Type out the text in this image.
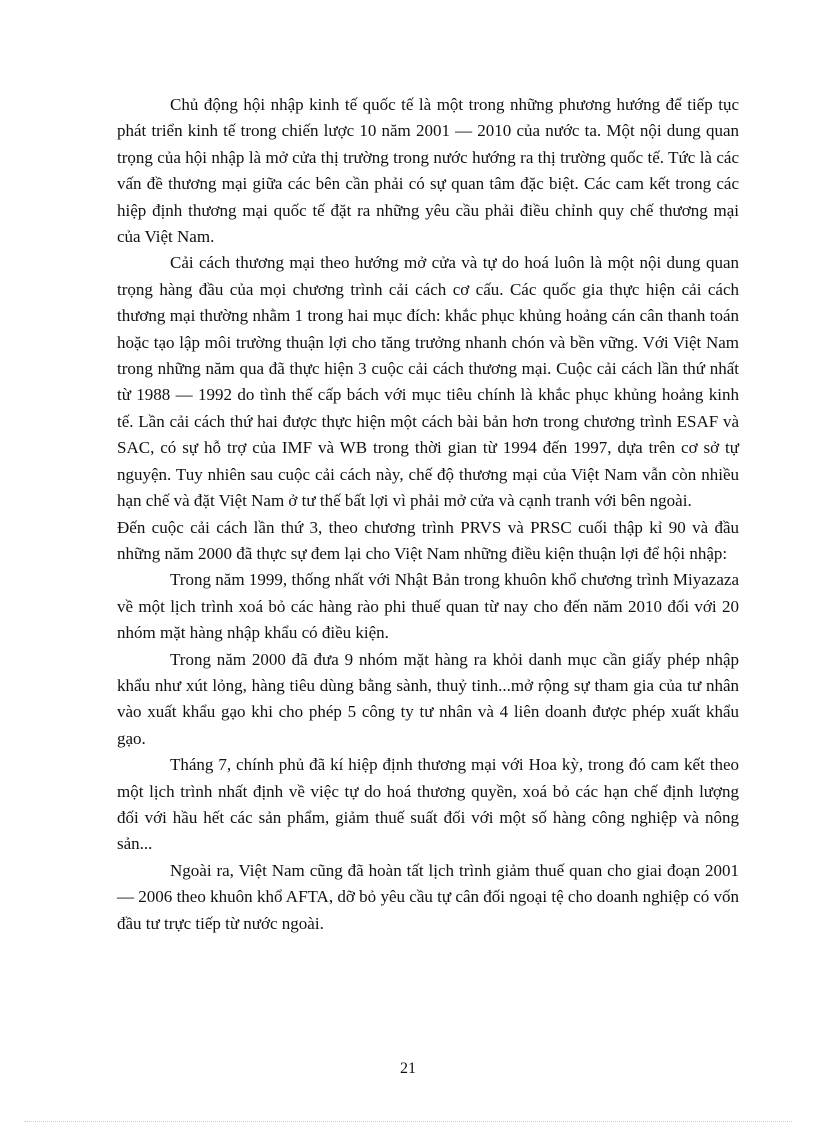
Chủ động hội nhập kinh tế quốc tế là một trong những phương hướng để tiếp tục phát triển kinh tế trong chiến lược 10 năm 2001 — 2010 của nước ta. Một nội dung quan trọng của hội nhập là mở cửa thị trường trong nước hướng ra thị trường quốc tế. Tức là các vấn đề thương mại giữa các bên cần phải có sự quan tâm đặc biệt. Các cam kết trong các hiệp định thương mại quốc tế đặt ra những yêu cầu phải điều chỉnh quy chế thương mại của Việt Nam.

Cải cách thương mại theo hướng mở cửa và tự do hoá luôn là một nội dung quan trọng hàng đầu của mọi chương trình cải cách cơ cấu. Các quốc gia thực hiện cải cách thương mại thường nhằm 1 trong hai mục đích: khắc phục khủng hoảng cán cân thanh toán hoặc tạo lập môi trường thuận lợi cho tăng trưởng nhanh chón và bền vững. Với Việt Nam trong những năm qua đã thực hiện 3 cuộc cải cách thương mại. Cuộc cải cách lần thứ nhất từ 1988 — 1992 do tình thế cấp bách với mục tiêu chính là khắc phục khủng hoảng kinh tế. Lần cải cách thứ hai được thực hiện một cách bài bản hơn trong chương trình ESAF và SAC, có sự hỗ trợ của IMF và WB trong thời gian từ 1994 đến 1997, dựa trên cơ sở tự nguyện. Tuy nhiên sau cuộc cải cách này, chế độ thương mại của Việt Nam vẫn còn nhiều hạn chế và đặt Việt Nam ở tư thế bất lợi vì phải mở cửa và cạnh tranh với bên ngoài.

Đến cuộc cải cách lần thứ 3, theo chương trình PRVS và PRSC cuối thập kỉ 90 và đầu những năm 2000 đã thực sự đem lại cho Việt Nam những điều kiện thuận lợi để hội nhập:

Trong năm 1999, thống nhất với Nhật Bản trong khuôn khổ chương trình Miyazaza về một lịch trình xoá bỏ các hàng rào phi thuế quan từ nay cho đến năm 2010 đối với 20 nhóm mặt hàng nhập khẩu có điều kiện.

Trong năm 2000 đã đưa 9 nhóm mặt hàng ra khỏi danh mục cần giấy phép nhập khẩu như xút lỏng, hàng tiêu dùng bằng sành, thuỷ tinh...mở rộng sự tham gia của tư nhân vào xuất khẩu gạo khi cho phép 5 công ty tư nhân và 4 liên doanh được phép xuất khẩu gạo.

Tháng 7, chính phủ đã kí hiệp định thương mại với Hoa kỳ, trong đó cam kết theo một lịch trình nhất định về việc tự do hoá thương quyền, xoá bỏ các hạn chế định lượng đối với hầu hết các sản phẩm, giảm thuế suất đối với một số hàng công nghiệp và nông sản...

Ngoài ra, Việt Nam cũng đã hoàn tất lịch trình giảm thuế quan cho giai đoạn 2001 — 2006 theo khuôn khổ AFTA, dỡ bỏ yêu cầu tự cân đối ngoại tệ cho doanh nghiệp có vốn đầu tư trực tiếp từ nước ngoài.

21
